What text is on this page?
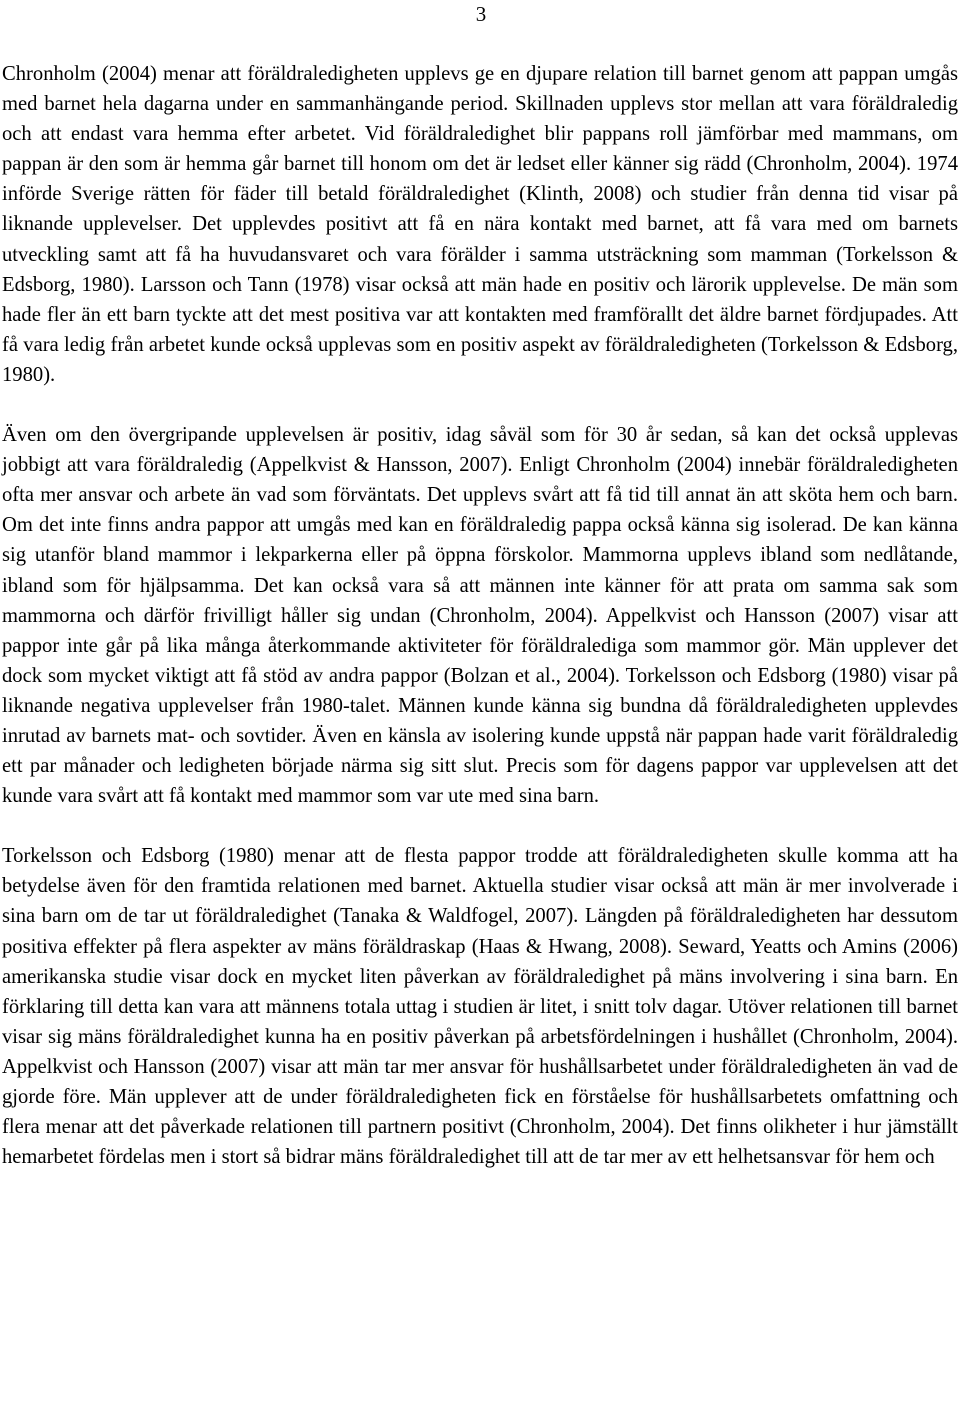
3

Chronholm (2004) menar att föräldraledigheten upplevs ge en djupare relation till barnet genom att pappan umgås med barnet hela dagarna under en sammanhängande period. Skillnaden upplevs stor mellan att vara föräldraledig och att endast vara hemma efter arbetet. Vid föräldraledighet blir pappans roll jämförbar med mammans, om pappan är den som är hemma går barnet till honom om det är ledset eller känner sig rädd (Chronholm, 2004). 1974 införde Sverige rätten för fäder till betald föräldraledighet (Klinth, 2008) och studier från denna tid visar på liknande upplevelser. Det upplevdes positivt att få en nära kontakt med barnet, att få vara med om barnets utveckling samt att få ha huvudansvaret och vara förälder i samma utsträckning som mamman (Torkelsson & Edsborg, 1980). Larsson och Tann (1978) visar också att män hade en positiv och lärorik upplevelse. De män som hade fler än ett barn tyckte att det mest positiva var att kontakten med framförallt det äldre barnet fördjupades. Att få vara ledig från arbetet kunde också upplevas som en positiv aspekt av föräldraledigheten (Torkelsson & Edsborg, 1980).

Även om den övergripande upplevelsen är positiv, idag såväl som för 30 år sedan, så kan det också upplevas jobbigt att vara föräldraledig (Appelkvist & Hansson, 2007). Enligt Chronholm (2004) innebär föräldraledigheten ofta mer ansvar och arbete än vad som förväntats. Det upplevs svårt att få tid till annat än att sköta hem och barn. Om det inte finns andra pappor att umgås med kan en föräldraledig pappa också känna sig isolerad. De kan känna sig utanför bland mammor i lekparkerna eller på öppna förskolor. Mammorna upplevs ibland som nedlåtande, ibland som för hjälpsamma. Det kan också vara så att männen inte känner för att prata om samma sak som mammorna och därför frivilligt håller sig undan (Chronholm, 2004). Appelkvist och Hansson (2007) visar att pappor inte går på lika många återkommande aktiviteter för föräldralediga som mammor gör. Män upplever det dock som mycket viktigt att få stöd av andra pappor (Bolzan et al., 2004). Torkelsson och Edsborg (1980) visar på liknande negativa upplevelser från 1980-talet. Männen kunde känna sig bundna då föräldraledigheten upplevdes inrutad av barnets mat- och sovtider. Även en känsla av isolering kunde uppstå när pappan hade varit föräldraledig ett par månader och ledigheten började närma sig sitt slut. Precis som för dagens pappor var upplevelsen att det kunde vara svårt att få kontakt med mammor som var ute med sina barn.

Torkelsson och Edsborg (1980) menar att de flesta pappor trodde att föräldraledigheten skulle komma att ha betydelse även för den framtida relationen med barnet. Aktuella studier visar också att män är mer involverade i sina barn om de tar ut föräldraledighet (Tanaka & Waldfogel, 2007). Längden på föräldraledigheten har dessutom positiva effekter på flera aspekter av mäns föräldraskap (Haas & Hwang, 2008). Seward, Yeatts och Amins (2006) amerikanska studie visar dock en mycket liten påverkan av föräldraledighet på mäns involvering i sina barn. En förklaring till detta kan vara att männens totala uttag i studien är litet, i snitt tolv dagar. Utöver relationen till barnet visar sig mäns föräldraledighet kunna ha en positiv påverkan på arbetsfördelningen i hushållet (Chronholm, 2004). Appelkvist och Hansson (2007) visar att män tar mer ansvar för hushållsarbetet under föräldraledigheten än vad de gjorde före. Män upplever att de under föräldraledigheten fick en förståelse för hushållsarbetets omfattning och flera menar att det påverkade relationen till partnern positivt (Chronholm, 2004). Det finns olikheter i hur jämställt hemarbetet fördelas men i stort så bidrar mäns föräldraledighet till att de tar mer av ett helhetsansvar för hem och
